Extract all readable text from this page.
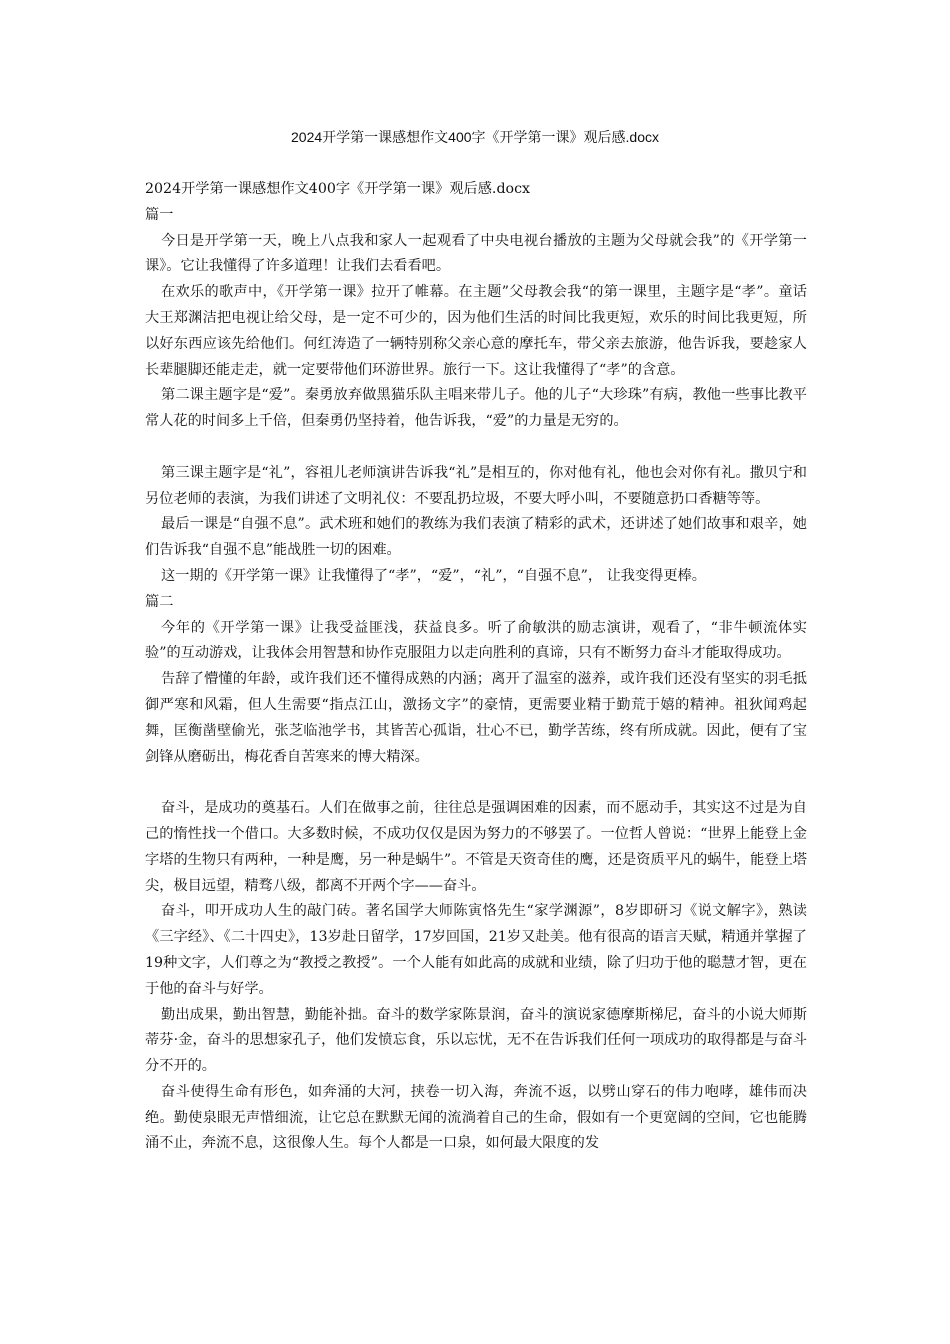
2024开学第一课感想作文400字《开学第一课》观后感.docx

2024开学第一课感想作文400字《开学第一课》观后感.docx

篇一

今日是开学第一天，晚上八点我和家人一起观看了中央电视台播放的主题为父母就会我”的《开学第一课》。它让我懂得了许多道理！让我们去看看吧。

在欢乐的歌声中，《开学第一课》拉开了帷幕。在主题”父母教会我“的第一课里，主题字是“孝”。童话大王郑渊洁把电视让给父母，是一定不可少的，因为他们生活的时间比我更短，欢乐的时间比我更短，所以好东西应该先给他们。何红涛造了一辆特别称父亲心意的摩托车，带父亲去旅游，他告诉我，要趁家人长辈腿脚还能走走，就一定要带他们环游世界。旅行一下。这让我懂得了“孝”的含意。

第二课主题字是“爱”。秦勇放弃做黑猫乐队主唱来带儿子。他的儿子“大珍珠”有病，教他一些事比教平常人花的时间多上千倍，但秦勇仍坚持着，他告诉我，“爱”的力量是无穷的。

第三课主题字是“礼”，容祖儿老师演讲告诉我“礼”是相互的，你对他有礼，他也会对你有礼。撒贝宁和另位老师的表演，为我们讲述了文明礼仪：不要乱扔垃圾，不要大呼小叫，不要随意扔口香糖等等。

最后一课是“自强不息”。武术班和她们的教练为我们表演了精彩的武术，还讲述了她们故事和艰辛，她们告诉我“自强不息”能战胜一切的困难。

这一期的《开学第一课》让我懂得了“孝”，“爱”，“礼”，“自强不息”， 让我变得更棒。

篇二

今年的《开学第一课》让我受益匪浅，获益良多。听了俞敏洪的励志演讲，观看了，“非牛顿流体实验”的互动游戏，让我体会用智慧和协作克服阻力以走向胜利的真谛，只有不断努力奋斗才能取得成功。

告辞了懵懂的年龄，或许我们还不懂得成熟的内涵；离开了温室的滋养，或许我们还没有坚实的羽毛抵御严寒和风霜，但人生需要“指点江山，激扬文字”的豪情，更需要业精于勤荒于嬉的精神。祖狄闻鸡起舞，匡衡凿壁偷光，张芝临池学书，其皆苦心孤诣，壮心不已，勤学苦练，终有所成就。因此，便有了宝剑锋从磨砺出，梅花香自苦寒来的博大精深。

奋斗，是成功的奠基石。人们在做事之前，往往总是强调困难的因素，而不愿动手，其实这不过是为自己的惰性找一个借口。大多数时候，不成功仅仅是因为努力的不够罢了。一位哲人曾说：“世界上能登上金字塔的生物只有两种，一种是鹰，另一种是蜗牛”。不管是天资奇佳的鹰，还是资质平凡的蜗牛，能登上塔尖，极目远望，精骛八级，都离不开两个字——奋斗。

奋斗，叩开成功人生的敲门砖。著名国学大师陈寅恪先生“家学渊源”，8岁即研习《说文解字》，熟读《三字经》、《二十四史》，13岁赴日留学，17岁回国，21岁又赴美。他有很高的语言天赋，精通并掌握了19种文字，人们尊之为“教授之教授”。一个人能有如此高的成就和业绩，除了归功于他的聪慧才智，更在于他的奋斗与好学。

勤出成果，勤出智慧，勤能补拙。奋斗的数学家陈景润，奋斗的演说家德摩斯梯尼，奋斗的小说大师斯蒂芬·金，奋斗的思想家孔子，他们发愤忘食，乐以忘忧，无不在告诉我们任何一项成功的取得都是与奋斗分不开的。

奋斗使得生命有形色，如奔涌的大河，挟卷一切入海，奔流不返，以劈山穿石的伟力咆哮，雄伟而决绝。勤使泉眼无声惜细流，让它总在默默无闻的流淌着自己的生命，假如有一个更宽阔的空间，它也能腾涌不止，奔流不息，这很像人生。每个人都是一口泉，如何最大限度的发
